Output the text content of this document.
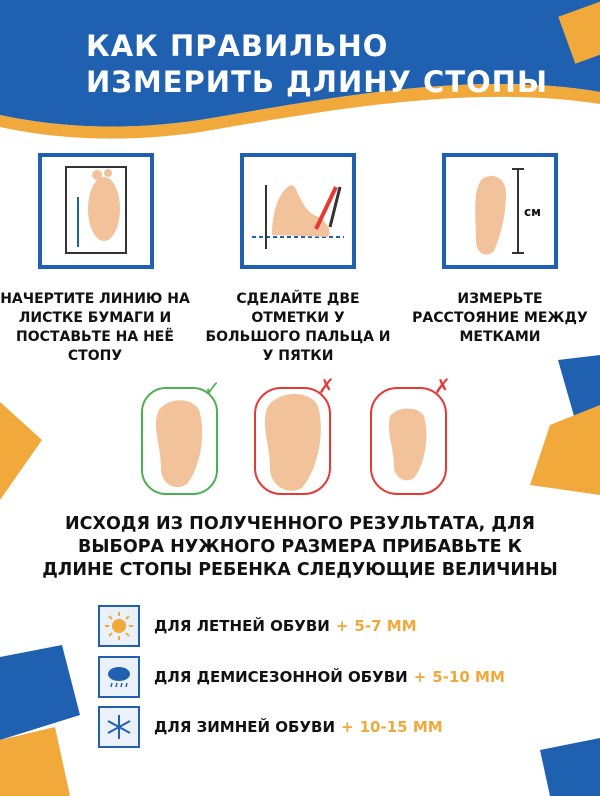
КАК ПРАВИЛЬНО ИЗМЕРИТЬ ДЛИНУ СТОПЫ
см
НАЧЕРТИТЕ ЛИНИЮ НА ЛИСТКЕ БУМАГИ И ПОСТАВЬТЕ НА НЕЁ СТОПУ
СДЕЛАЙТЕ ДВЕ ОТМЕТКИ У БОЛЬШОГО ПАЛЬЦА И У ПЯТКИ
ИЗМЕРЬТЕ РАССТОЯНИЕ МЕЖДУ МЕТКАМИ
✓	✗	✗
ИСХОДЯ ИЗ ПОЛУЧЕННОГО РЕЗУЛЬТАТА, ДЛЯ ВЫБОРА НУЖНОГО РАЗМЕРА ПРИБАВЬТЕ К ДЛИНЕ СТОПЫ РЕБЕНКА СЛЕДУЮЩИЕ ВЕЛИЧИНЫ
ДЛЯ ЛЕТНЕЙ ОБУВИ + 5-7 ММ
ДЛЯ ДЕМИСЕЗОННОЙ ОБУВИ + 5-10 ММ
ДЛЯ ЗИМНЕЙ ОБУВИ + 10-15 ММ
